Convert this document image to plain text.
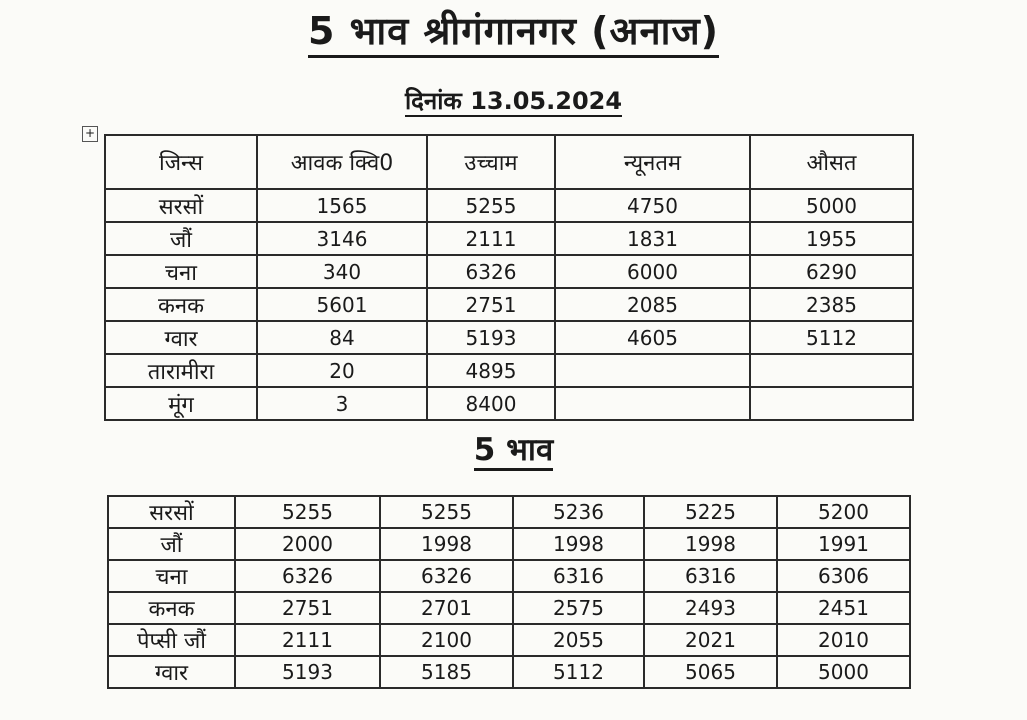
5 भाव श्रीगंगानगर (अनाज)
दिनांक 13.05.2024
+
जिन्स	आवक क्वि0	उच्चाम	न्यूनतम	औसत
सरसों	1565	5255	4750	5000
जौं	3146	2111	1831	1955
चना	340	6326	6000	6290
कनक	5601	2751	2085	2385
ग्वार	84	5193	4605	5112
तारामीरा	20	4895		
मूंग	3	8400		
5 भाव
सरसों	5255	5255	5236	5225	5200
जौं	2000	1998	1998	1998	1991
चना	6326	6326	6316	6316	6306
कनक	2751	2701	2575	2493	2451
पेप्सी जौं	2111	2100	2055	2021	2010
ग्वार	5193	5185	5112	5065	5000
